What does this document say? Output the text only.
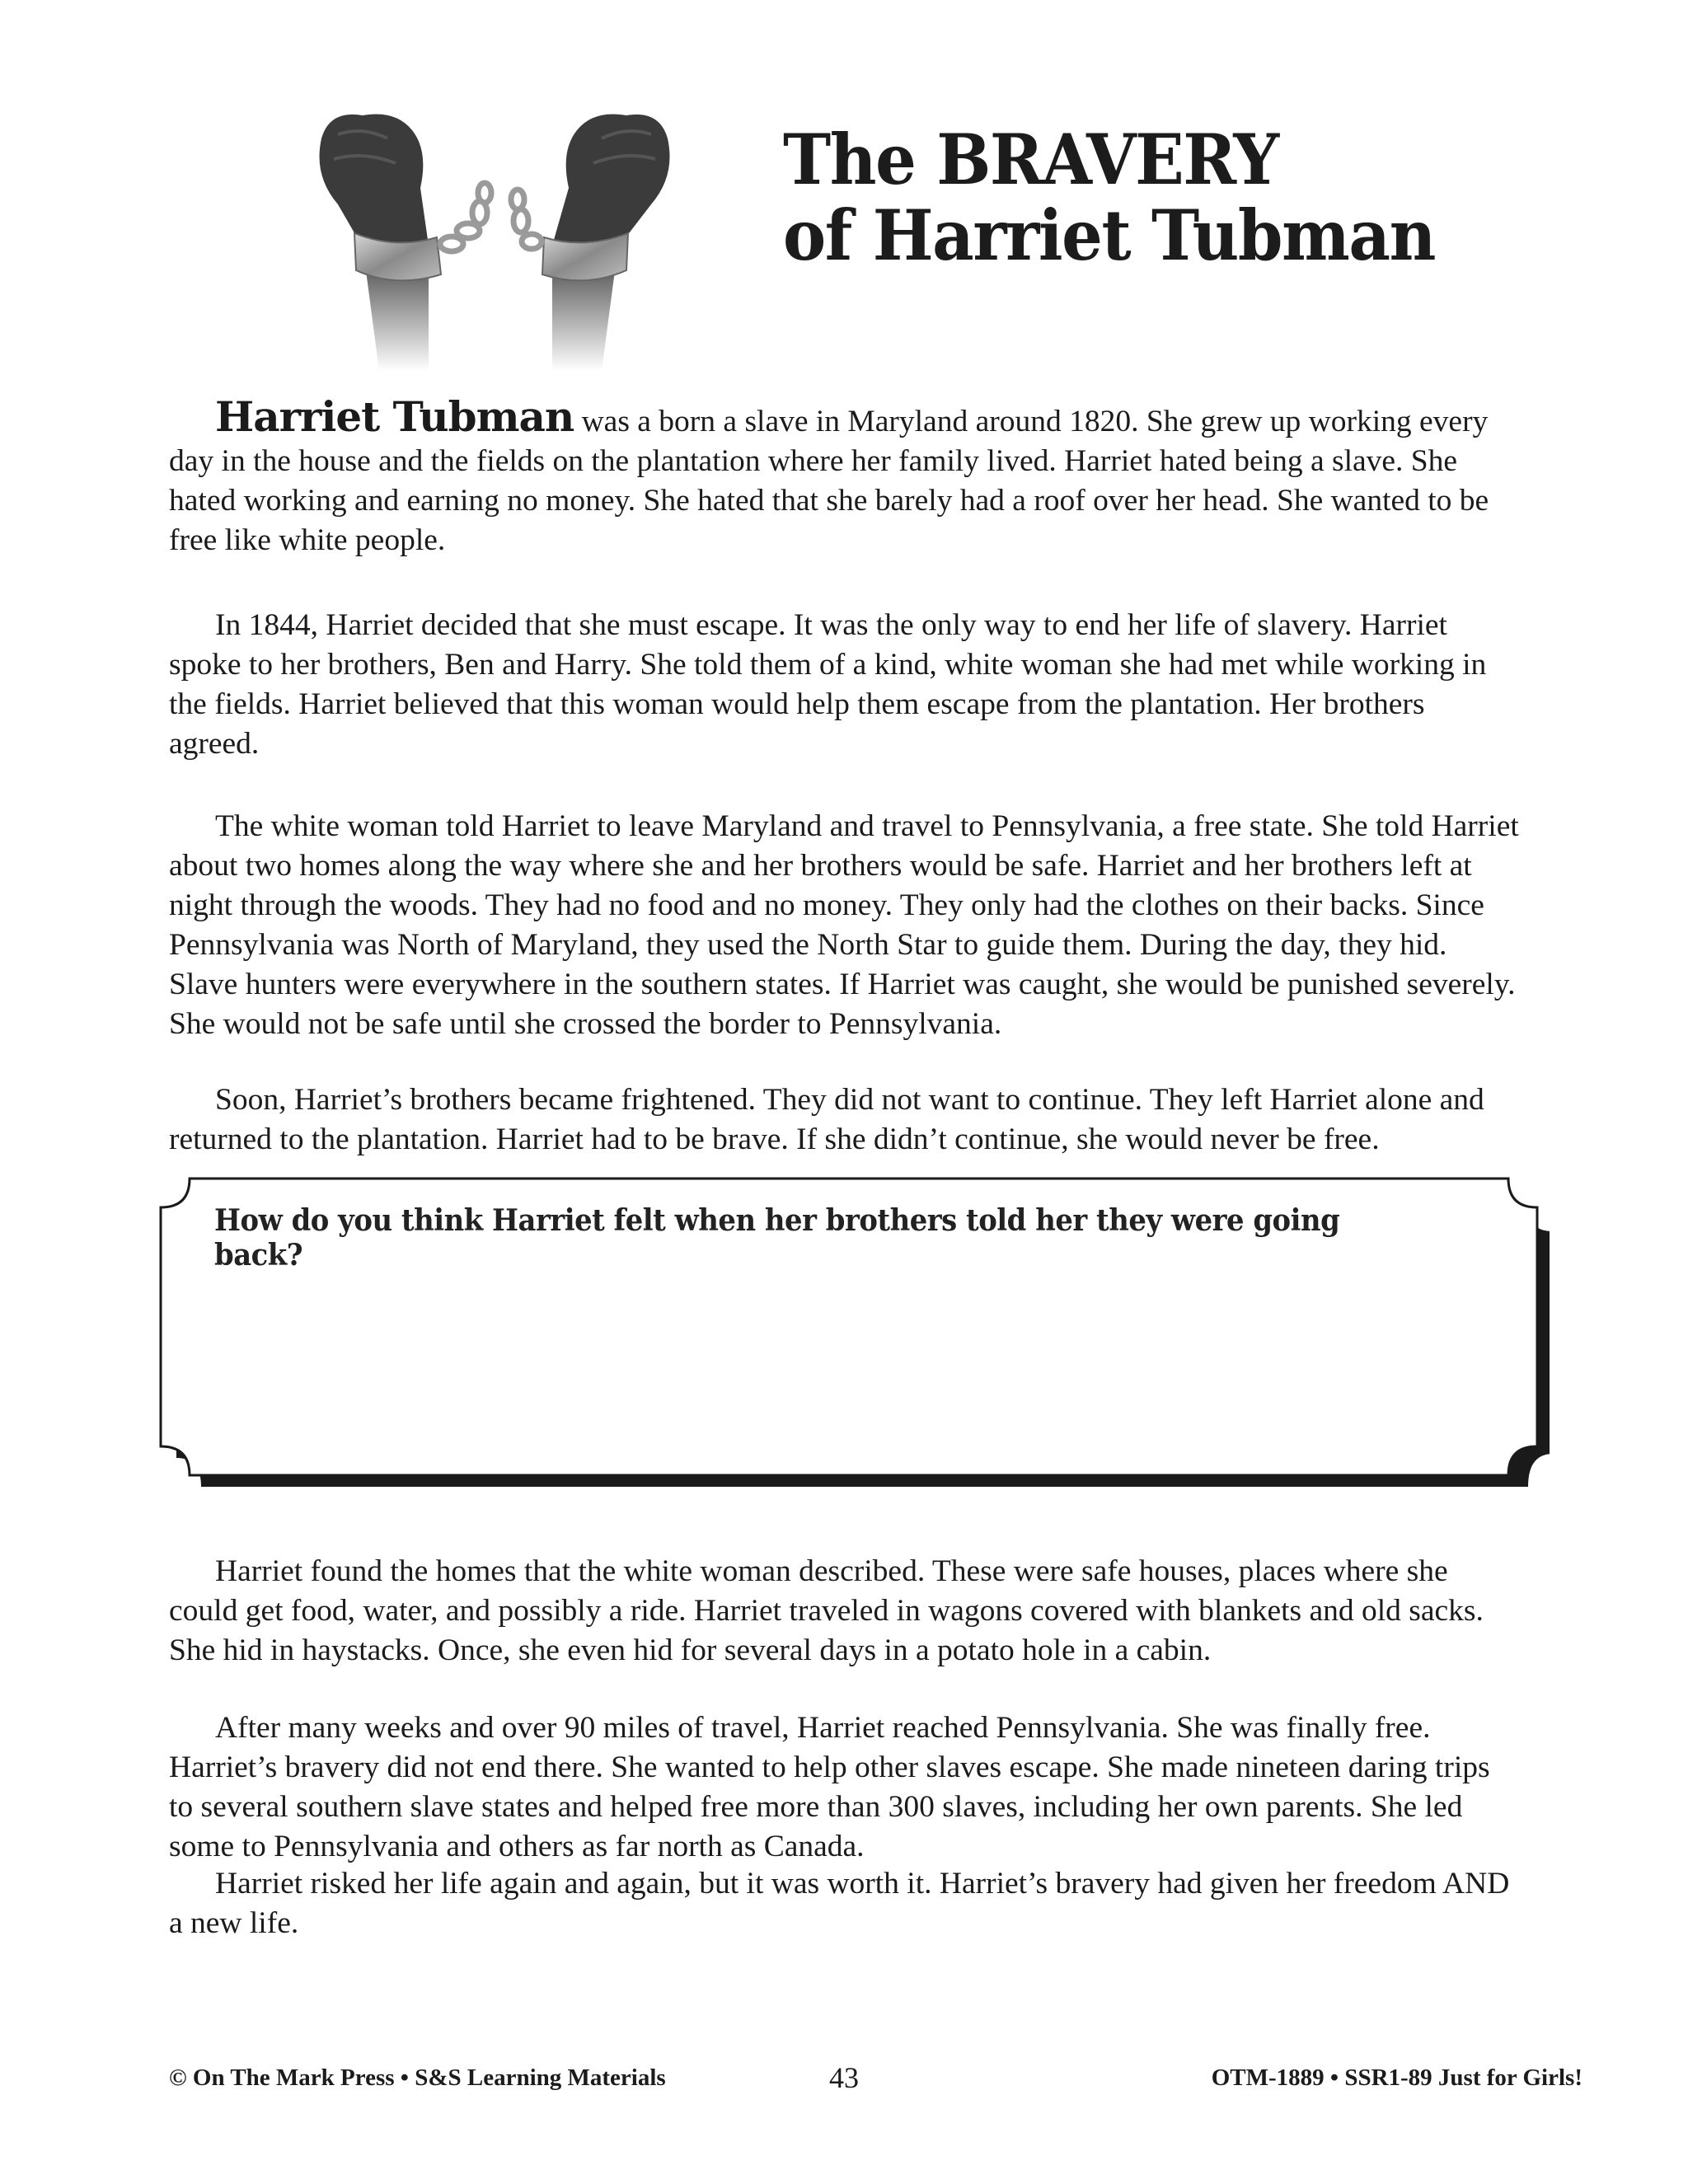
The BRAVERY
of Harriet Tubman

Harriet Tubman was a born a slave in Maryland around 1820. She grew up working every day in the house and the fields on the plantation where her family lived. Harriet hated being a slave. She hated working and earning no money. She hated that she barely had a roof over her head. She wanted to be free like white people.

In 1844, Harriet decided that she must escape. It was the only way to end her life of slavery. Harriet spoke to her brothers, Ben and Harry. She told them of a kind, white woman she had met while working in the fields. Harriet believed that this woman would help them escape from the plantation. Her brothers agreed.

The white woman told Harriet to leave Maryland and travel to Pennsylvania, a free state. She told Harriet about two homes along the way where she and her brothers would be safe. Harriet and her brothers left at night through the woods. They had no food and no money. They only had the clothes on their backs. Since Pennsylvania was North of Maryland, they used the North Star to guide them. During the day, they hid. Slave hunters were everywhere in the southern states. If Harriet was caught, she would be punished severely. She would not be safe until she crossed the border to Pennsylvania.

Soon, Harriet’s brothers became frightened. They did not want to continue. They left Harriet alone and returned to the plantation. Harriet had to be brave. If she didn’t continue, she would never be free.

How do you think Harriet felt when her brothers told her they were going back?

Harriet found the homes that the white woman described. These were safe houses, places where she could get food, water, and possibly a ride. Harriet traveled in wagons covered with blankets and old sacks. She hid in haystacks. Once, she even hid for several days in a potato hole in a cabin.

After many weeks and over 90 miles of travel, Harriet reached Pennsylvania. She was finally free. Harriet’s bravery did not end there. She wanted to help other slaves escape. She made nineteen daring trips to several southern slave states and helped free more than 300 slaves, including her own parents. She led some to Pennsylvania and others as far north as Canada.

Harriet risked her life again and again, but it was worth it. Harriet’s bravery had given her freedom AND a new life.

© On The Mark Press • S&S Learning Materials	43	OTM-1889 • SSR1-89 Just for Girls!
